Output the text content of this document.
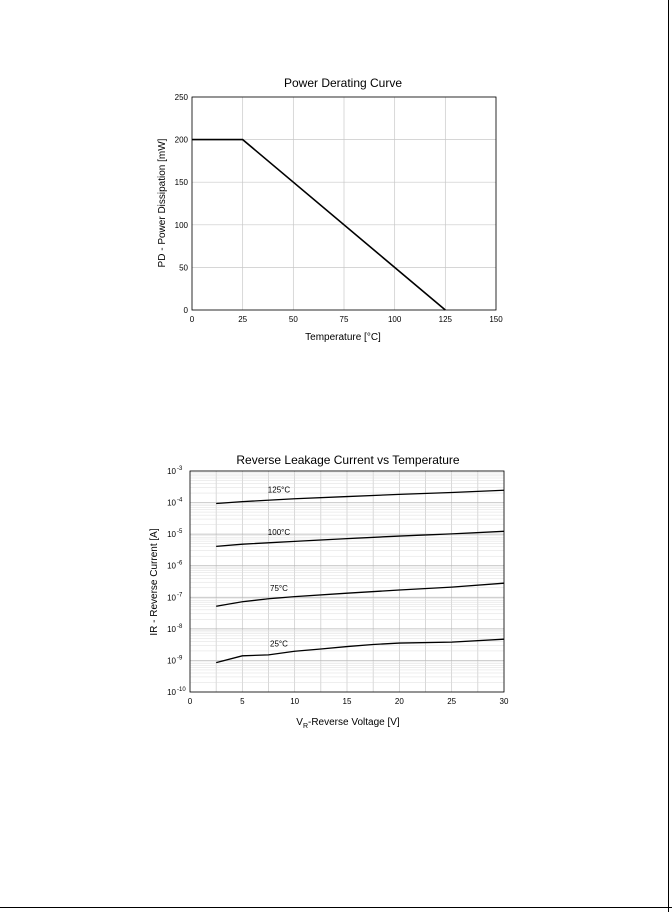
Power Derating Curve
Temperature [°C]
PD - Power Dissipation [mW]
0	25	50	75	100	125	150
0
50
100
150
200
250
Reverse Leakage Current vs Temperature
$V_R$-Reverse Voltage [V]
IR - Reverse Current [A]
10 -10
10 -9
10 -8
10 -7
10 -6
10 -5
10 -4
10 -3
0	5	10	15	20	25	30
125°C
100°C
75°C
25°C
